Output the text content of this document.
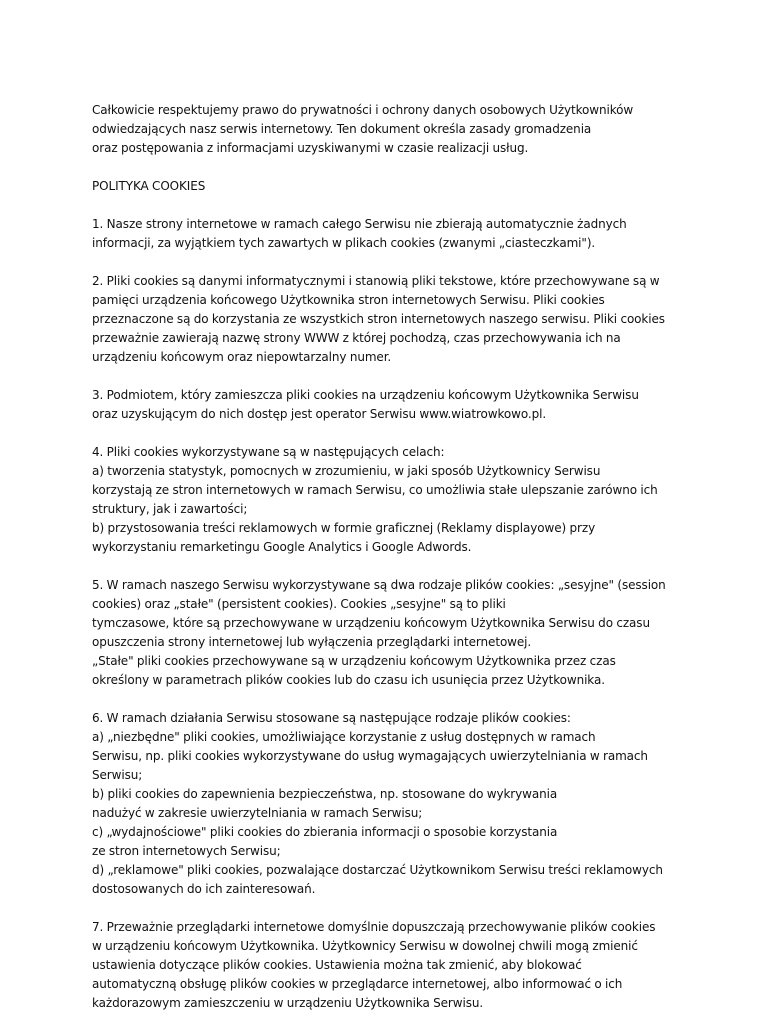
Całkowicie respektujemy prawo do prywatności i ochrony danych osobowych Użytkowników
odwiedzających nasz serwis internetowy. Ten dokument określa zasady gromadzenia
oraz postępowania z informacjami uzyskiwanymi w czasie realizacji usług.

POLITYKA COOKIES

1. Nasze strony internetowe w ramach całego Serwisu nie zbierają automatycznie żadnych
informacji, za wyjątkiem tych zawartych w plikach cookies (zwanymi „ciasteczkami").

2. Pliki cookies są danymi informatycznymi i stanowią pliki tekstowe, które przechowywane są w
pamięci urządzenia końcowego Użytkownika stron internetowych Serwisu. Pliki cookies
przeznaczone są do korzystania ze wszystkich stron internetowych naszego serwisu. Pliki cookies
przeważnie zawierają nazwę strony WWW z której pochodzą, czas przechowywania ich na
urządzeniu końcowym oraz niepowtarzalny numer.

3. Podmiotem, który zamieszcza pliki cookies na urządzeniu końcowym Użytkownika Serwisu
oraz uzyskującym do nich dostęp jest operator Serwisu www.wiatrowkowo.pl.

4. Pliki cookies wykorzystywane są w następujących celach:
a) tworzenia statystyk, pomocnych w zrozumieniu, w jaki sposób Użytkownicy Serwisu
korzystają ze stron internetowych w ramach Serwisu, co umożliwia stałe ulepszanie zarówno ich
struktury, jak i zawartości;
b) przystosowania treści reklamowych w formie graficznej (Reklamy displayowe) przy
wykorzystaniu remarketingu Google Analytics i Google Adwords.

5. W ramach naszego Serwisu wykorzystywane są dwa rodzaje plików cookies: „sesyjne" (session
cookies) oraz „stałe" (persistent cookies). Cookies „sesyjne" są to pliki
tymczasowe, które są przechowywane w urządzeniu końcowym Użytkownika Serwisu do czasu
opuszczenia strony internetowej lub wyłączenia przeglądarki internetowej.
„Stałe" pliki cookies przechowywane są w urządzeniu końcowym Użytkownika przez czas
określony w parametrach plików cookies lub do czasu ich usunięcia przez Użytkownika.

6. W ramach działania Serwisu stosowane są następujące rodzaje plików cookies:
a) „niezbędne" pliki cookies, umożliwiające korzystanie z usług dostępnych w ramach
Serwisu, np. pliki cookies wykorzystywane do usług wymagających uwierzytelniania w ramach
Serwisu;
b) pliki cookies do zapewnienia bezpieczeństwa, np. stosowane do wykrywania
nadużyć w zakresie uwierzytelniania w ramach Serwisu;
c) „wydajnościowe" pliki cookies do zbierania informacji o sposobie korzystania
ze stron internetowych Serwisu;
d) „reklamowe" pliki cookies, pozwalające dostarczać Użytkownikom Serwisu treści reklamowych
dostosowanych do ich zainteresowań.

7. Przeważnie przeglądarki internetowe domyślnie dopuszczają przechowywanie plików cookies
w urządzeniu końcowym Użytkownika. Użytkownicy Serwisu w dowolnej chwili mogą zmienić
ustawienia dotyczące plików cookies. Ustawienia można tak zmienić, aby blokować
automatyczną obsługę plików cookies w przeglądarce internetowej, albo informować o ich
każdorazowym zamieszczeniu w urządzeniu Użytkownika Serwisu.
